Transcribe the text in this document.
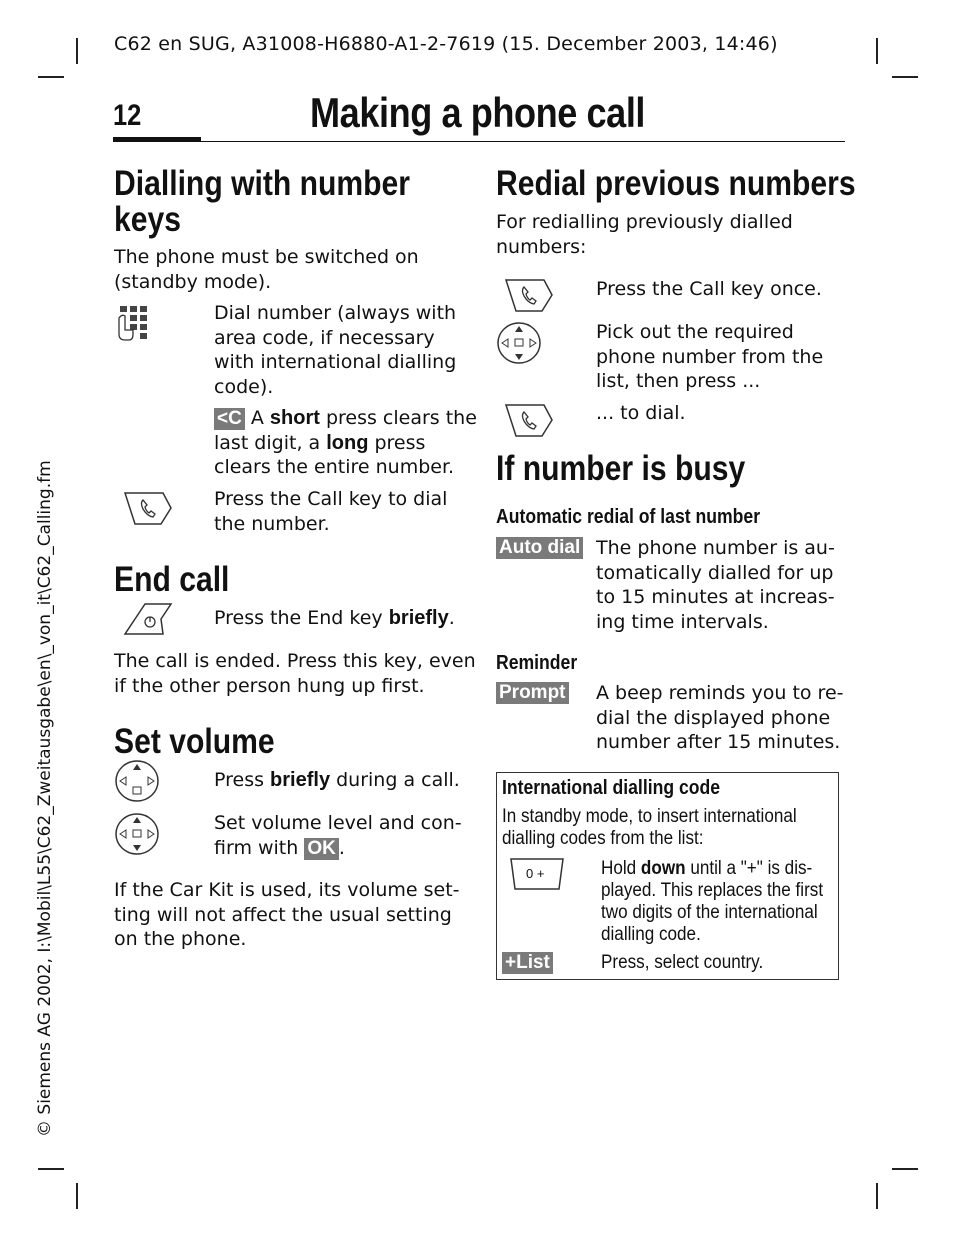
C62 en SUG, A31008-H6880-A1-2-7619 (15. December 2003, 14:46)
12	Making a phone call
© Siemens AG 2002, I:\Mobil\L55\C62_Zweitausgabe\en\_von_it\C62_Calling.fm
Dialling with number
keys
The phone must be switched on
(standby mode).
Dial number (always with
area code, if necessary
with international dialling
code).
<C A short press clears the
last digit, a long press
clears the entire number.
Press the Call key to dial
the number.
End call
Press the End key briefly.
The call is ended. Press this key, even
if the other person hung up first.
Set volume
Press briefly during a call.
Set volume level and con-
firm with OK .
If the Car Kit is used, its volume set-
ting will not affect the usual setting
on the phone.
Redial previous numbers
For redialling previously dialled
numbers:
Press the Call key once.
Pick out the required
phone number from the
list, then press ...
... to dial.
If number is busy
Automatic redial of last number
Auto dial The phone number is au-
tomatically dialled for up
to 15 minutes at increas-
ing time intervals.
Reminder
Prompt A beep reminds you to re-
dial the displayed phone
number after 15 minutes.
International dialling code
In standby mode, to insert international
dialling codes from the list:
0 +	Hold down until a "+" is dis-
played. This replaces the first
two digits of the international
dialling code.
+List	Press, select country.
